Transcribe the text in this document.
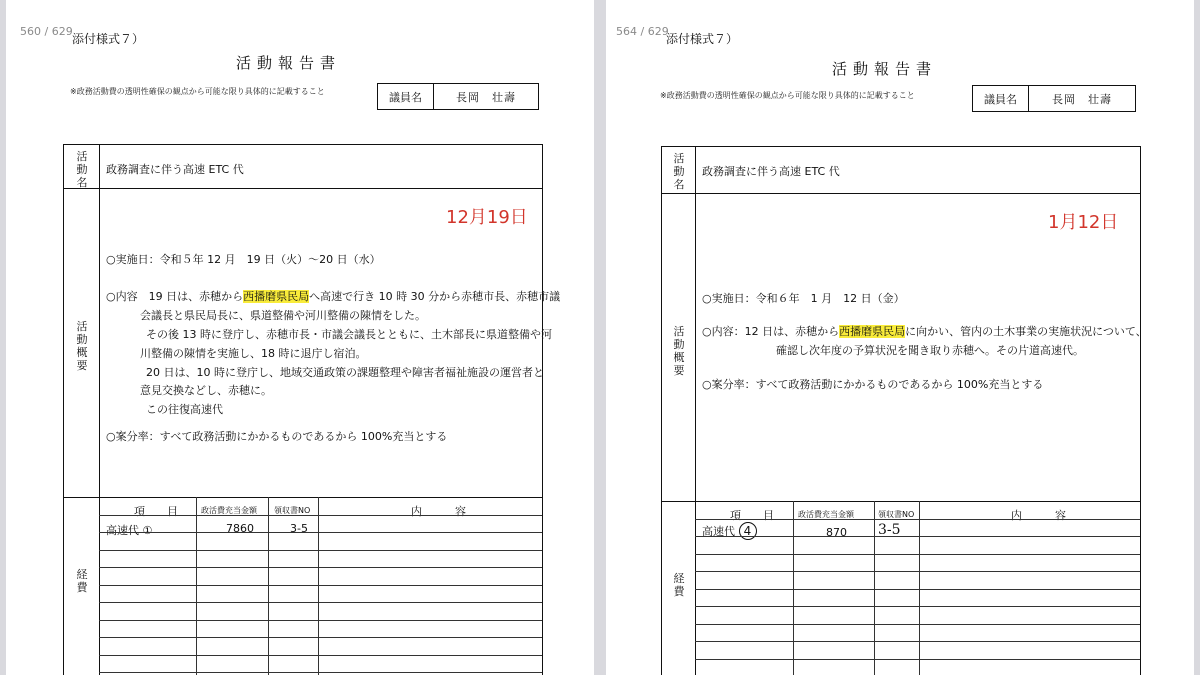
560 / 629
添付様式７）
活動報告書
※政務活動費の透明性確保の観点から可能な限り具体的に記載すること	議員名	長岡　壮壽
活動名
政務調査に伴う高速 ETC 代
活動概要
12月19日
○実施日：令和５年 12 月　19 日（火）～20 日（水）
○内容　19 日は、赤穂から西播磨県民局へ高速で行き 10 時 30 分から赤穂市長、赤穂市議
会議長と県民局長に、県道整備や河川整備の陳情をした。
その後 13 時に登庁し、赤穂市長・市議会議長とともに、土木部長に県道整備や河
川整備の陳情を実施し、18 時に退庁し宿泊。
20 日は、10 時に登庁し、地域交通政策の課題整理や障害者福祉施設の運営者と
意見交換などし、赤穂に。
この往復高速代
○案分率：すべて政務活動にかかるものであるから 100%充当とする
経費
項　　目	政活費充当金額 領収書NO	内　　　容
高速代 ①	7860	3-5
564 / 629
添付様式７）
活動報告書
※政務活動費の透明性確保の観点から可能な限り具体的に記載すること	議員名	長岡　壮壽
活動名
政務調査に伴う高速 ETC 代
活動概要
1月12日
○実施日：令和６年　1 月　12 日（金）
○内容：12 日は、赤穂から西播磨県民局に向かい、管内の土木事業の実施状況について、
確認し次年度の予算状況を聞き取り赤穂へ。その片道高速代。
○案分率：すべて政務活動にかかるものであるから 100%充当とする
経費
項　　目	政活費充当金額	領収書NO	内　　　容
高速代 4	870 3-5
